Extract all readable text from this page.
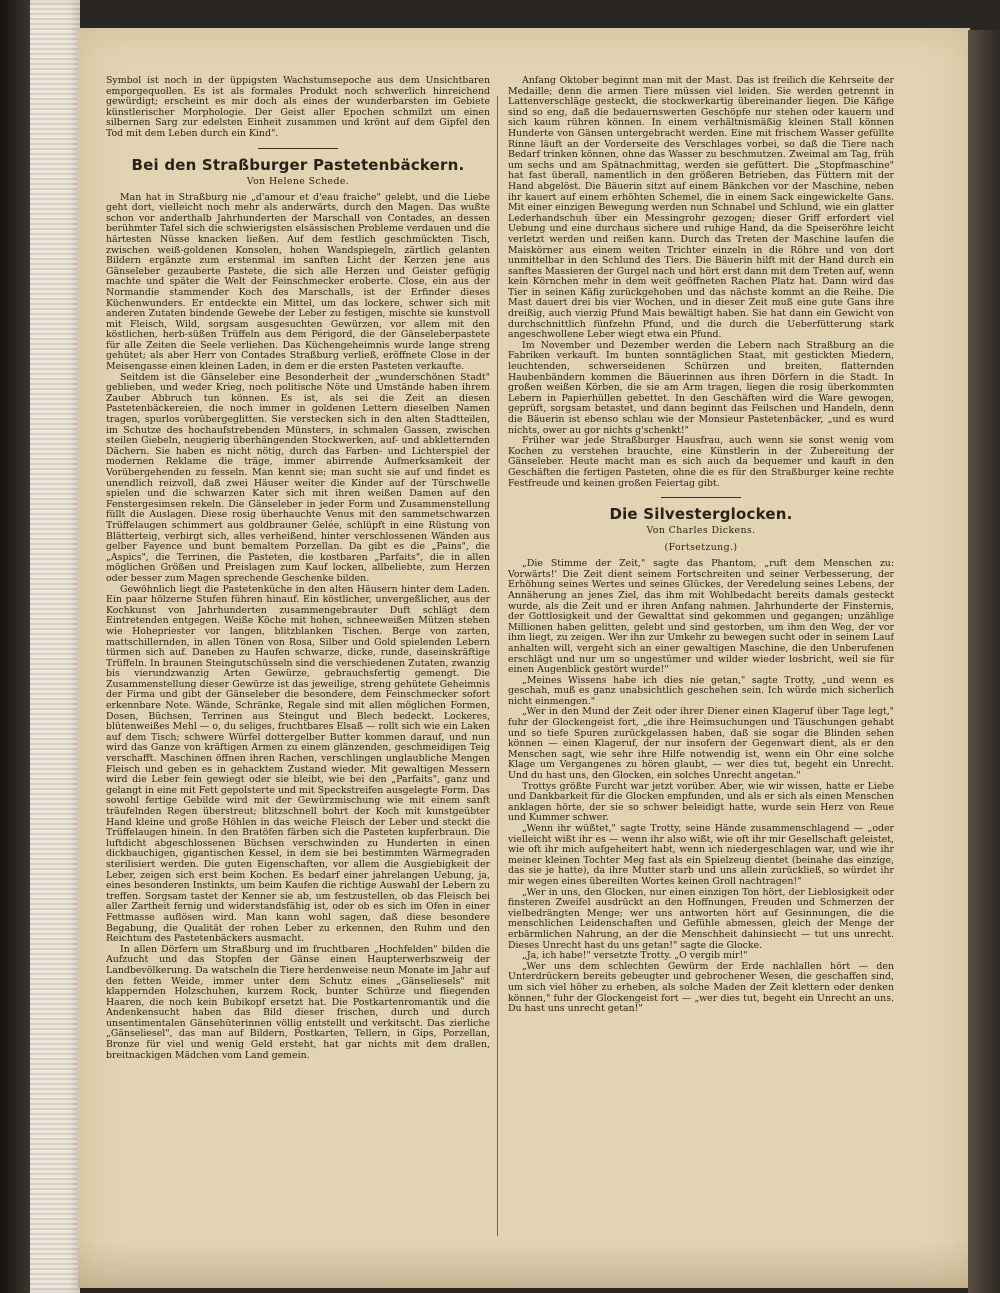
Symbol ist noch in der üppigsten Wachstumsepoche aus dem Unsichtbaren emporgequollen. Es ist als formales Produkt noch schwerlich hinreichend gewürdigt; erscheint es mir doch als eines der wunderbarsten im Gebiete künstlerischer Morphologie. Der Geist aller Epochen schmilzt um einen silbernen Sarg zur edelsten Einheit zusammen und krönt auf dem Gipfel den Tod mit dem Leben durch ein Kind".

Bei den Straßburger Pastetenbäckern.
Von Helene Schede.

Man hat in Straßburg nie „d'amour et d'eau fraiche" gelebt, und die Liebe geht dort, vielleicht noch mehr als anderwärts, durch den Magen. Das wußte schon vor anderthalb Jahrhunderten der Marschall von Contades, an dessen berühmter Tafel sich die schwierigsten elsässischen Probleme verdauen und die härtesten Nüsse knacken ließen. Auf dem festlich geschmückten Tisch, zwischen weiß-goldenen Konsolen, hohen Wandspiegeln, zärtlich gelanten Bildern ergänzte zum erstenmal im sanften Licht der Kerzen jene aus Gänseleber gezauberte Pastete, die sich alle Herzen und Geister gefügig machte und später die Welt der Feinschmecker eroberte. Close, ein aus der Normandie stammender Koch des Marschalls, ist der Erfinder dieses Küchenwunders. Er entdeckte ein Mittel, um das lockere, schwer sich mit anderen Zutaten bindende Gewebe der Leber zu festigen, mischte sie kunstvoll mit Fleisch, Wild, sorgsam ausgesuchten Gewürzen, vor allem mit den köstlichen, herb-süßen Trüffeln aus dem Périgord, die der Gänseleberpastete für alle Zeiten die Seele verliehen. Das Küchengeheimnis wurde lange streng gehütet; als aber Herr von Contades Straßburg verließ, eröffnete Close in der Meisengasse einen kleinen Laden, in dem er die ersten Pasteten verkaufte.

Seitdem ist die Gänseleber eine Besonderheit der „wunderschönen Stadt" geblieben, und weder Krieg, noch politische Nöte und Umstände haben ihrem Zauber Abbruch tun können. Es ist, als sei die Zeit an diesen Pastetenbäckereien, die noch immer in goldenen Lettern dieselben Namen tragen, spurlos vorübergeglitten. Sie verstecken sich in den alten Stadtteilen, im Schutze des hochaufstrebenden Münsters, in schmalen Gassen, zwischen steilen Giebeln, neugierig überhängenden Stockwerken, auf- und abkletternden Dächern. Sie haben es nicht nötig, durch das Farben- und Lichterspiel der modernen Reklame die träge, immer abirrende Aufmerksamkeit der Vorübergehenden zu fesseln. Man kennt sie; man sucht sie auf und findet es unendlich reizvoll, daß zwei Häuser weiter die Kinder auf der Türschwelle spielen und die schwarzen Kater sich mit ihren weißen Damen auf den Fenstergesimsen rekeln. Die Gänseleber in jeder Form und Zusammenstellung füllt die Auslagen. Diese rosig überhauchte Venus mit den sammetschwarzen Trüffelaugen schimmert aus goldbrauner Gelée, schlüpft in eine Rüstung von Blätterteig, verbirgt sich, alles verheißend, hinter verschlossenen Wänden aus gelber Fayence und bunt bemaltem Porzellan. Da gibt es die „Pains", die „Aspics", die Terrinen, die Pasteten, die kostbaren „Parfaits", die in allen möglichen Größen und Preislagen zum Kauf locken, allbeliebte, zum Herzen oder besser zum Magen sprechende Geschenke bilden.

Gewöhnlich liegt die Pastetenküche in den alten Häusern hinter dem Laden. Ein paar hölzerne Stufen führen hinauf. Ein köstlicher, unvergeßlicher, aus der Kochkunst von Jahrhunderten zusammengebrauter Duft schlägt dem Eintretenden entgegen. Weiße Köche mit hohen, schneeweißen Mützen stehen wie Hohepriester vor langen, blitzblanken Tischen. Berge von zarten, mattschillernden, in allen Tönen von Rosa, Silber und Gold spielenden Lebern türmen sich auf. Daneben zu Haufen schwarze, dicke, runde, daseinskräftige Trüffeln. In braunen Steingutschüsseln sind die verschiedenen Zutaten, zwanzig bis vierundzwanzig Arten Gewürze, gebrauchsfertig gemengt. Die Zusammenstellung dieser Gewürze ist das jeweilige, streng gehütete Geheimnis der Firma und gibt der Gänseleber die besondere, dem Feinschmecker sofort erkennbare Note. Wände, Schränke, Regale sind mit allen möglichen Formen, Dosen, Büchsen, Terrinen aus Steingut und Blech bedeckt. Lockeres, blütenweißes Mehl — o, du seliges, fruchtbares Elsaß — rollt sich wie ein Laken auf dem Tisch; schwere Würfel dottergelber Butter kommen darauf, und nun wird das Ganze von kräftigen Armen zu einem glänzenden, geschmeidigen Teig verschafft. Maschinen öffnen ihren Rachen, verschlingen unglaubliche Mengen Fleisch und geben es in gehacktem Zustand wieder. Mit gewaltigen Messern wird die Leber fein gewiegt oder sie bleibt, wie bei den „Parfaits", ganz und gelangt in eine mit Fett gepolsterte und mit Speckstreifen ausgelegte Form. Das sowohl fertige Gebilde wird mit der Gewürzmischung wie mit einem sanft träufelnden Regen überstreut; blitzschnell bohrt der Koch mit kunstgeübter Hand kleine und große Höhlen in das weiche Fleisch der Leber und steckt die Trüffelaugen hinein. In den Bratöfen färben sich die Pasteten kupferbraun. Die luftdicht abgeschlossenen Büchsen verschwinden zu Hunderten in einen dickbauchigen, gigantischen Kessel, in dem sie bei bestimmten Wärmegraden sterilisiert werden. Die guten Eigenschaften, vor allem die Ausgiebigkeit der Leber, zeigen sich erst beim Kochen. Es bedarf einer jahrelangen Uebung, ja, eines besonderen Instinkts, um beim Kaufen die richtige Auswahl der Lebern zu treffen. Sorgsam tastet der Kenner sie ab, um festzustellen, ob das Fleisch bei aller Zartheit fernig und widerstandsfähig ist, oder ob es sich im Ofen in einer Fettmasse auflösen wird. Man kann wohl sagen, daß diese besondere Begabung, die Qualität der rohen Leber zu erkennen, den Ruhm und den Reichtum des Pastetenbäckers ausmacht.

In allen Dörfern um Straßburg und im fruchtbaren „Hochfelden" bilden die Aufzucht und das Stopfen der Gänse einen Haupterwerbszweig der Landbevölkerung. Da watscheln die Tiere herdenweise neun Monate im Jahr auf den fetten Weide, immer unter dem Schutz eines „Gänseliesels" mit klappernden Holzschuhen, kurzem Rock, bunter Schürze und fliegenden Haaren, die noch kein Bubikopf ersetzt hat. Die Postkartenromantik und die Andenkensucht haben das Bild dieser frischen, durch und durch unsentimentalen Gänsehüterinnen völlig entstellt und verkitscht. Das zierliche „Gänseliesel", das man auf Bildern, Postkarten, Tellern, in Gips, Porzellan, Bronze für viel und wenig Geld ersteht, hat gar nichts mit dem drallen, breitnackigen Mädchen vom Land gemein.

Anfang Oktober beginnt man mit der Mast. Das ist freilich die Kehrseite der Medaille; denn die armen Tiere müssen viel leiden. Sie werden getrennt in Lattenverschläge gesteckt, die stockwerkartig übereinander liegen. Die Käfige sind so eng, daß die bedauernswerten Geschöpfe nur stehen oder kauern und sich kaum rühren können. In einem verhältnismäßig kleinen Stall können Hunderte von Gänsen untergebracht werden. Eine mit frischem Wasser gefüllte Rinne läuft an der Vorderseite des Verschlages vorbei, so daß die Tiere nach Bedarf trinken können, ohne das Wasser zu beschmutzen. Zweimal am Tag, früh um sechs und am Spätnachmittag, werden sie gefüttert. Die „Stopfmaschine" hat fast überall, namentlich in den größeren Betrieben, das Füttern mit der Hand abgelöst. Die Bäuerin sitzt auf einem Bänkchen vor der Maschine, neben ihr kauert auf einem erhöhten Schemel, die in einem Sack eingewickelte Gans. Mit einer einzigen Bewegung werden nun Schnabel und Schlund, wie ein glatter Lederhandschuh über ein Messingrohr gezogen; dieser Griff erfordert viel Uebung und eine durchaus sichere und ruhige Hand, da die Speiseröhre leicht verletzt werden und reißen kann. Durch das Treten der Maschine laufen die Maiskörner aus einem weiten Trichter einzeln in die Röhre und von dort unmittelbar in den Schlund des Tiers. Die Bäuerin hilft mit der Hand durch ein sanftes Massieren der Gurgel nach und hört erst dann mit dem Treten auf, wenn kein Körnchen mehr in dem weit geöffneten Rachen Platz hat. Dann wird das Tier in seinen Käfig zurückgehoben und das nächste kommt an die Reihe. Die Mast dauert drei bis vier Wochen, und in dieser Zeit muß eine gute Gans ihre dreißig, auch vierzig Pfund Mais bewältigt haben. Sie hat dann ein Gewicht von durchschnittlich fünfzehn Pfund, und die durch die Ueberfütterung stark angeschwollene Leber wiegt etwa ein Pfund.

Im November und Dezember werden die Lebern nach Straßburg an die Fabriken verkauft. Im bunten sonntäglichen Staat, mit gestickten Miedern, leuchtenden, schwerseidenen Schürzen und breiten, flatternden Haubenbändern kommen die Bäuerinnen aus ihren Dörfern in die Stadt. In großen weißen Körben, die sie am Arm tragen, liegen die rosig überkommten Lebern in Papierhüllen gebettet. In den Geschäften wird die Ware gewogen, geprüft, sorgsam betastet, und dann beginnt das Feilschen und Handeln, denn die Bäuerin ist ebenso schlau wie der Monsieur Pastetenbäcker, „und es wurd nichts, ower au gor nichts g'schenkt!"

Früher war jede Straßburger Hausfrau, auch wenn sie sonst wenig vom Kochen zu verstehen brauchte, eine Künstlerin in der Zubereitung der Gänseleber. Heute macht man es sich auch da bequemer und kauft in den Geschäften die fertigen Pasteten, ohne die es für den Straßburger keine rechte Festfreude und keinen großen Feiertag gibt.

Die Silvesterglocken.
Von Charles Dickens.
(Fortsetzung.)

„Die Stimme der Zeit," sagte das Phantom, „ruft dem Menschen zu: Vorwärts!' Die Zeit dient seinem Fortschreiten und seiner Verbesserung, der Erhöhung seines Wertes und seines Glückes, der Veredelung seines Lebens, der Annäherung an jenes Ziel, das ihm mit Wohlbedacht bereits damals gesteckt wurde, als die Zeit und er ihren Anfang nahmen. Jahrhunderte der Finsternis, der Gottlosigkeit und der Gewalttat sind gekommen und gegangen; unzählige Millionen haben gelitten, gelebt und sind gestorben, um ihm den Weg, der vor ihm liegt, zu zeigen. Wer ihn zur Umkehr zu bewegen sucht oder in seinem Lauf anhalten will, vergeht sich an einer gewaltigen Maschine, die den Unberufenen erschlägt und nur um so ungestümer und wilder wieder losbricht, weil sie für einen Augenblick gestört wurde!"

„Meines Wissens habe ich dies nie getan," sagte Trotty, „und wenn es geschah, muß es ganz unabsichtlich geschehen sein. Ich würde mich sicherlich nicht einmengen."

„Wer in den Mund der Zeit oder ihrer Diener einen Klageruf über Tage legt," fuhr der Glockengeist fort, „die ihre Heimsuchungen und Täuschungen gehabt und so tiefe Spuren zurückgelassen haben, daß sie sogar die Blinden sehen können — einen Klageruf, der nur insofern der Gegenwart dient, als er den Menschen sagt, wie sehr ihre Hilfe notwendig ist, wenn ein Ohr eine solche Klage um Vergangenes zu hören glaubt, — wer dies tut, begeht ein Unrecht. Und du hast uns, den Glocken, ein solches Unrecht angetan."

Trottys größte Furcht war jetzt vorüber. Aber, wie wir wissen, hatte er Liebe und Dankbarkeit für die Glocken empfunden, und als er sich als einen Menschen anklagen hörte, der sie so schwer beleidigt hatte, wurde sein Herz von Reue und Kummer schwer.

„Wenn ihr wüßtet," sagte Trotty, seine Hände zusammenschlagend — „oder vielleicht wißt ihr es — wenn ihr also wißt, wie oft ihr mir Gesellschaft geleistet, wie oft ihr mich aufgeheitert habt, wenn ich niedergeschlagen war, und wie ihr meiner kleinen Tochter Meg fast als ein Spielzeug dientet (beinahe das einzige, das sie je hatte), da ihre Mutter starb und uns allein zurückließ, so würdet ihr mir wegen eines übereilten Wortes keinen Groll nachtragen!"

„Wer in uns, den Glocken, nur einen einzigen Ton hört, der Lieblosigkeit oder finsteren Zweifel ausdrückt an den Hoffnungen, Freuden und Schmerzen der vielbedrängten Menge; wer uns antworten hört auf Gesinnungen, die die menschlichen Leidenschaften und Gefühle abmessen, gleich der Menge der erbärmlichen Nahrung, an der die Menschheit dahinsiecht — tut uns unrecht. Dieses Unrecht hast du uns getan!" sagte die Glocke.

„Ja, ich habe!" versetzte Trotty. „O vergib mir!"

„Wer uns dem schlechten Gewürm der Erde nachlallen hört — den Unterdrückern bereits gebeugter und gebrochener Wesen, die geschaffen sind, um sich viel höher zu erheben, als solche Maden der Zeit klettern oder denken können," fuhr der Glockengeist fort — „wer dies tut, begeht ein Unrecht an uns. Du hast uns unrecht getan!"
